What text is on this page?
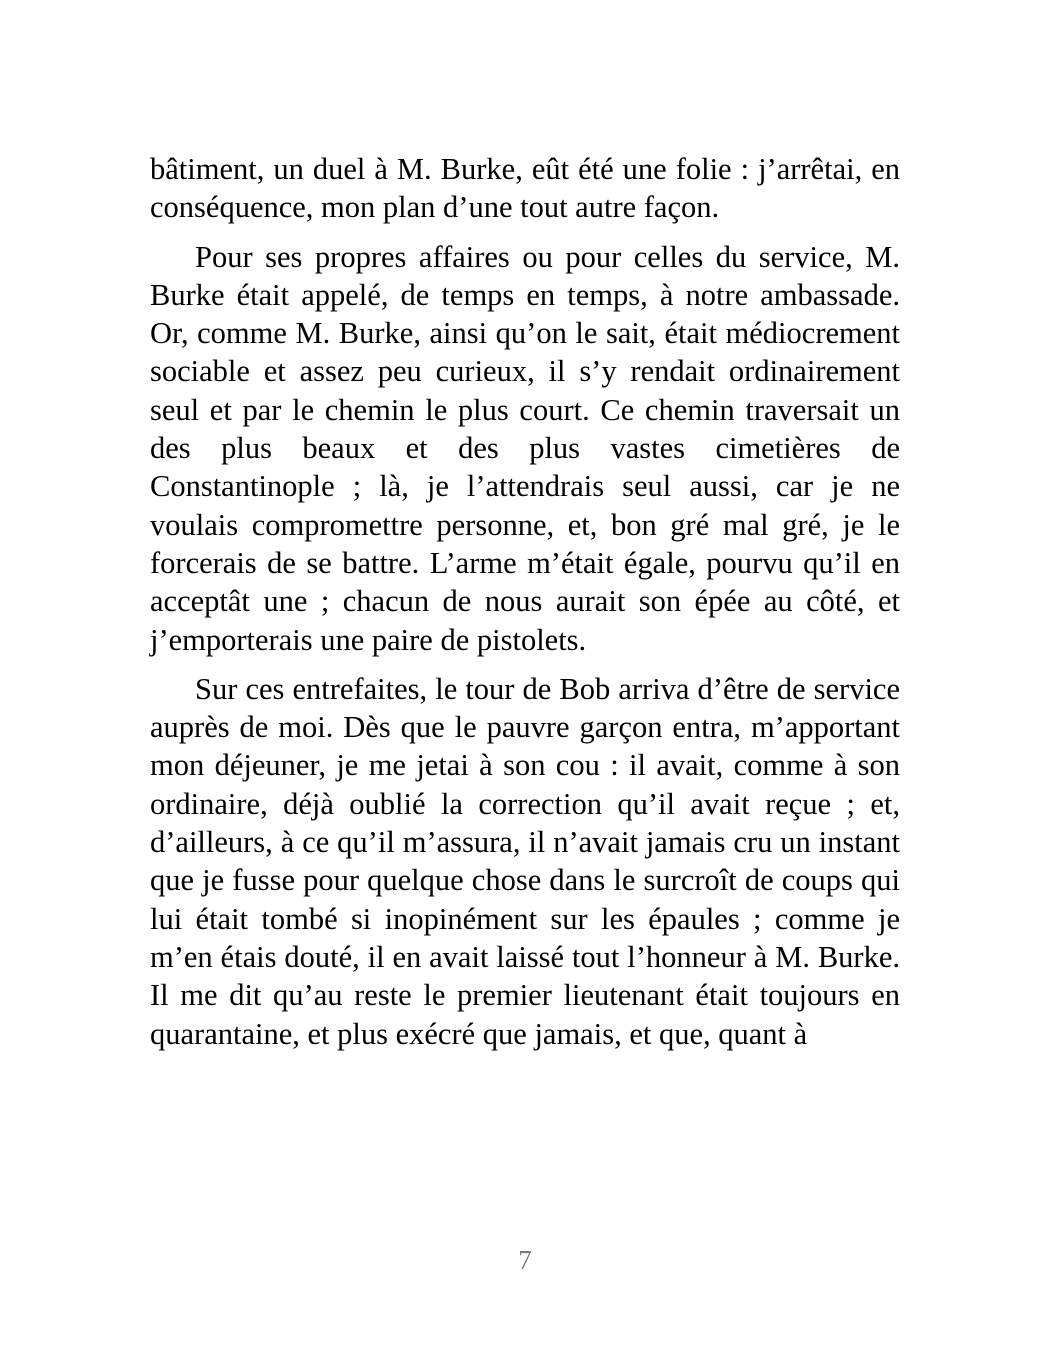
bâtiment, un duel à M. Burke, eût été une folie : j’arrêtai, en conséquence, mon plan d’une tout autre façon.

Pour ses propres affaires ou pour celles du service, M. Burke était appelé, de temps en temps, à notre ambassade. Or, comme M. Burke, ainsi qu’on le sait, était médiocrement sociable et assez peu curieux, il s’y rendait ordinairement seul et par le chemin le plus court. Ce chemin traversait un des plus beaux et des plus vastes cimetières de Constantinople ; là, je l’attendrais seul aussi, car je ne voulais compromettre personne, et, bon gré mal gré, je le forcerais de se battre. L’arme m’était égale, pourvu qu’il en acceptât une ; chacun de nous aurait son épée au côté, et j’emporterais une paire de pistolets.

Sur ces entrefaites, le tour de Bob arriva d’être de service auprès de moi. Dès que le pauvre garçon entra, m’apportant mon déjeuner, je me jetai à son cou : il avait, comme à son ordinaire, déjà oublié la correction qu’il avait reçue ; et, d’ailleurs, à ce qu’il m’assura, il n’avait jamais cru un instant que je fusse pour quelque chose dans le surcroît de coups qui lui était tombé si inopinément sur les épaules ; comme je m’en étais douté, il en avait laissé tout l’honneur à M. Burke. Il me dit qu’au reste le premier lieutenant était toujours en quarantaine, et plus exécré que jamais, et que, quant à

7
